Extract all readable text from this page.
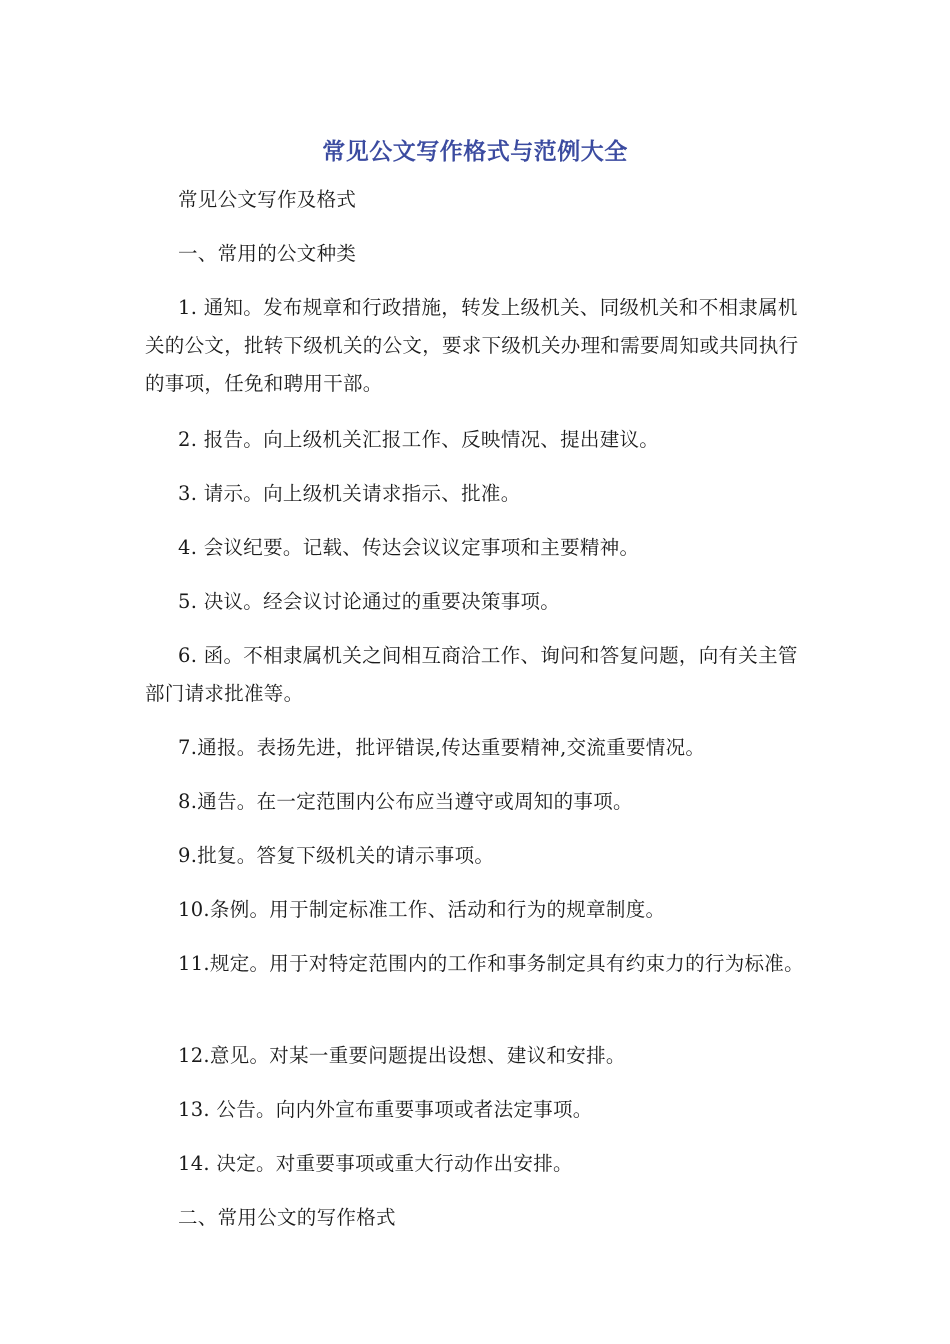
常见公文写作格式与范例大全

常见公文写作及格式

一、常用的公文种类

1. 通知。发布规章和行政措施，转发上级机关、同级机关和不相隶属机关的公文，批转下级机关的公文，要求下级机关办理和需要周知或共同执行的事项，任免和聘用干部。

2. 报告。向上级机关汇报工作、反映情况、提出建议。

3. 请示。向上级机关请求指示、批准。

4. 会议纪要。记载、传达会议议定事项和主要精神。

5. 决议。经会议讨论通过的重要决策事项。

6. 函。不相隶属机关之间相互商洽工作、询问和答复问题，向有关主管部门请求批准等。

7.通报。表扬先进，批评错误,传达重要精神,交流重要情况。

8.通告。在一定范围内公布应当遵守或周知的事项。

9.批复。答复下级机关的请示事项。

10.条例。用于制定标准工作、活动和行为的规章制度。

11.规定。用于对特定范围内的工作和事务制定具有约束力的行为标准。

12.意见。对某一重要问题提出设想、建议和安排。

13. 公告。向内外宣布重要事项或者法定事项。

14. 决定。对重要事项或重大行动作出安排。

二、常用公文的写作格式
